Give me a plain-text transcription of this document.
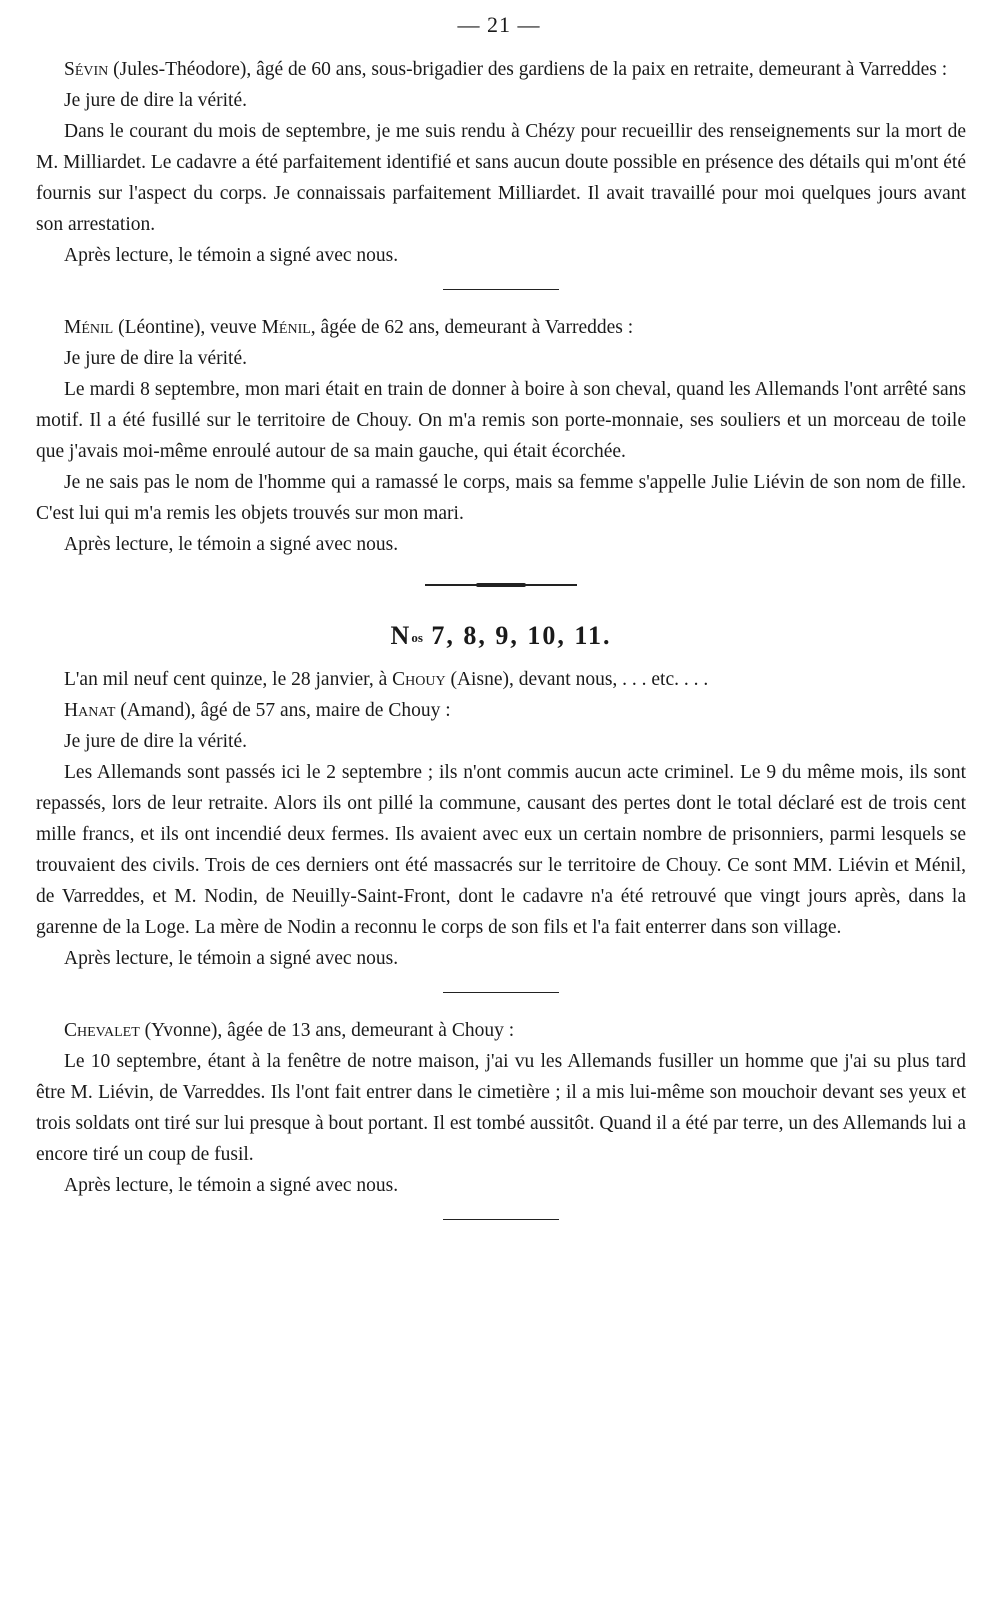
— 21 —

Sévin (Jules-Théodore), âgé de 60 ans, sous-brigadier des gardiens de la paix en retraite, demeurant à Varreddes :

Je jure de dire la vérité.

Dans le courant du mois de septembre, je me suis rendu à Chézy pour recueillir des renseignements sur la mort de M. Milliardet. Le cadavre a été parfaitement identifié et sans aucun doute possible en présence des détails qui m'ont été fournis sur l'aspect du corps. Je connaissais parfaitement Milliardet. Il avait travaillé pour moi quelques jours avant son arrestation.

Après lecture, le témoin a signé avec nous.

Ménil (Léontine), veuve Ménil, âgée de 62 ans, demeurant à Varreddes :

Je jure de dire la vérité.

Le mardi 8 septembre, mon mari était en train de donner à boire à son cheval, quand les Allemands l'ont arrêté sans motif. Il a été fusillé sur le territoire de Chouy. On m'a remis son porte-monnaie, ses souliers et un morceau de toile que j'avais moi-même enroulé autour de sa main gauche, qui était écorchée.

Je ne sais pas le nom de l'homme qui a ramassé le corps, mais sa femme s'appelle Julie Liévin de son nom de fille. C'est lui qui m'a remis les objets trouvés sur mon mari.

Après lecture, le témoin a signé avec nous.

$N^{os}$ 7, 8, 9, 10, 11.

L'an mil neuf cent quinze, le 28 janvier, à Chouy (Aisne), devant nous, . . . etc. . . .

Hanat (Amand), âgé de 57 ans, maire de Chouy :

Je jure de dire la vérité.

Les Allemands sont passés ici le 2 septembre ; ils n'ont commis aucun acte criminel. Le 9 du même mois, ils sont repassés, lors de leur retraite. Alors ils ont pillé la commune, causant des pertes dont le total déclaré est de trois cent mille francs, et ils ont incendié deux fermes. Ils avaient avec eux un certain nombre de prisonniers, parmi lesquels se trouvaient des civils. Trois de ces derniers ont été massacrés sur le territoire de Chouy. Ce sont MM. Liévin et Ménil, de Varreddes, et M. Nodin, de Neuilly-Saint-Front, dont le cadavre n'a été retrouvé que vingt jours après, dans la garenne de la Loge. La mère de Nodin a reconnu le corps de son fils et l'a fait enterrer dans son village.

Après lecture, le témoin a signé avec nous.

Chevalet (Yvonne), âgée de 13 ans, demeurant à Chouy :

Le 10 septembre, étant à la fenêtre de notre maison, j'ai vu les Allemands fusiller un homme que j'ai su plus tard être M. Liévin, de Varreddes. Ils l'ont fait entrer dans le cimetière ; il a mis lui-même son mouchoir devant ses yeux et trois soldats ont tiré sur lui presque à bout portant. Il est tombé aussitôt. Quand il a été par terre, un des Allemands lui a encore tiré un coup de fusil.

Après lecture, le témoin a signé avec nous.
